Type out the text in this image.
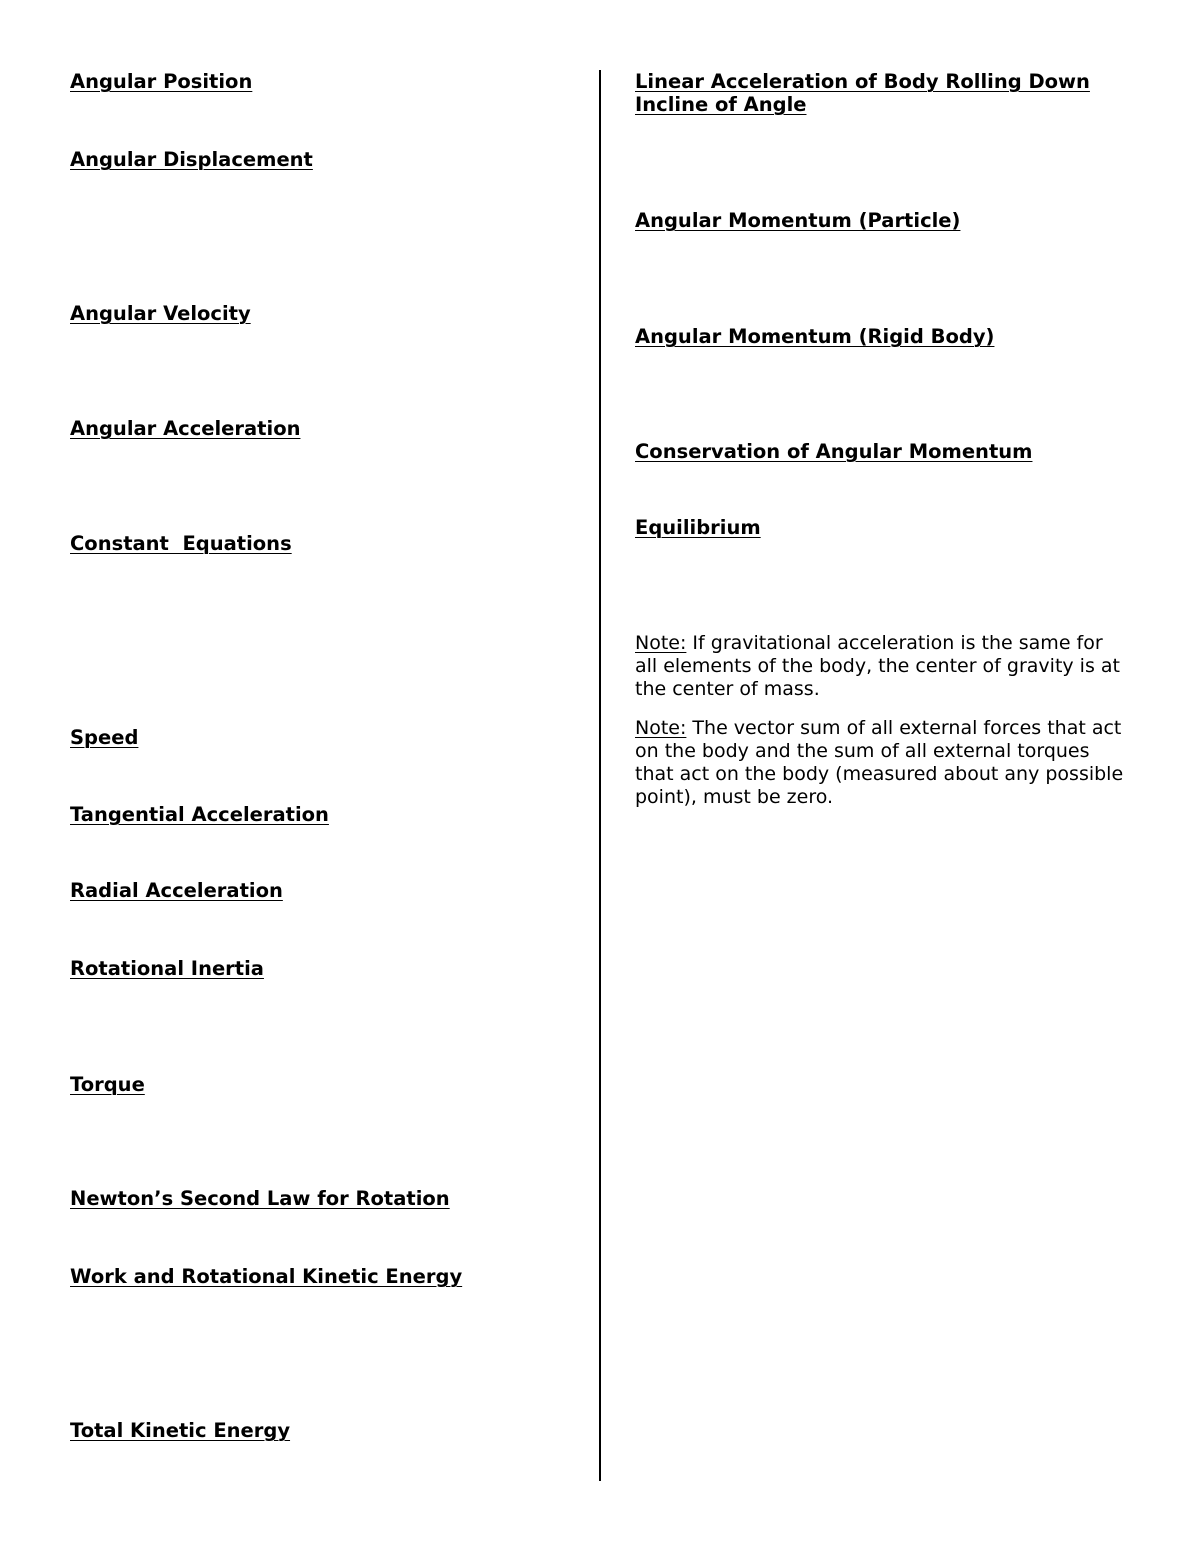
Angular Position
Angular Displacement
Angular Velocity
Angular Acceleration
Constant  Equations
Speed
Tangential Acceleration
Radial Acceleration
Rotational Inertia
Torque
Newton’s Second Law for Rotation
Work and Rotational Kinetic Energy
Total Kinetic Energy
Linear Acceleration of Body Rolling Down Incline of Angle
Angular Momentum (Particle)
Angular Momentum (Rigid Body)
Conservation of Angular Momentum
Equilibrium

Note: If gravitational acceleration is the same for all elements of the body, the center of gravity is at the center of mass.

Note: The vector sum of all external forces that act on the body and the sum of all external torques that act on the body (measured about any possible point), must be zero.
